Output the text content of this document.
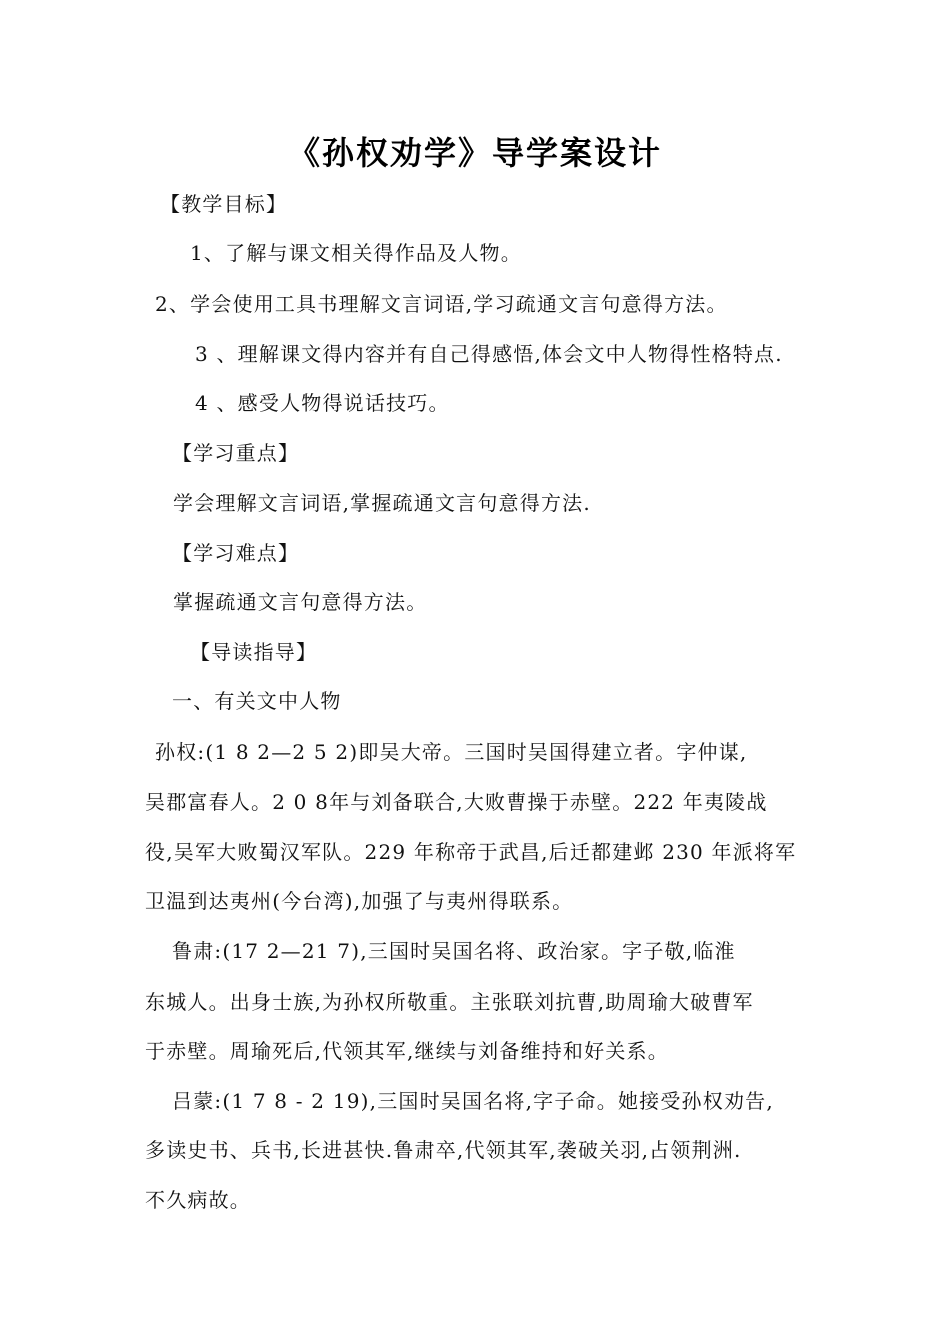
《孙权劝学》导学案设计
【教学目标】
1、了解与课文相关得作品及人物。
2、学会使用工具书理解文言词语,学习疏通文言句意得方法。
3 、理解课文得内容并有自己得感悟,体会文中人物得性格特点.
4 、感受人物得说话技巧。
【学习重点】
学会理解文言词语,掌握疏通文言句意得方法.
【学习难点】
掌握疏通文言句意得方法。
【导读指导】
一、有关文中人物
孙权:(1 8 2—2 5 2)即吴大帝。三国时吴国得建立者。字仲谋,
吴郡富春人。2 0 8年与刘备联合,大败曹操于赤壁。222 年夷陵战
役,吴军大败蜀汉军队。229 年称帝于武昌,后迁都建邺 230 年派将军
卫温到达夷州(今台湾),加强了与夷州得联系。
鲁肃:(17 2—21 7),三国时吴国名将、政治家。字子敬,临淮
东城人。出身士族,为孙权所敬重。主张联刘抗曹,助周瑜大破曹军
于赤壁。周瑜死后,代领其军,继续与刘备维持和好关系。
吕蒙:(1 7 8 - 2 19),三国时吴国名将,字子命。她接受孙权劝告,
多读史书、兵书,长进甚快.鲁肃卒,代领其军,袭破关羽,占领荆洲.
不久病故。
